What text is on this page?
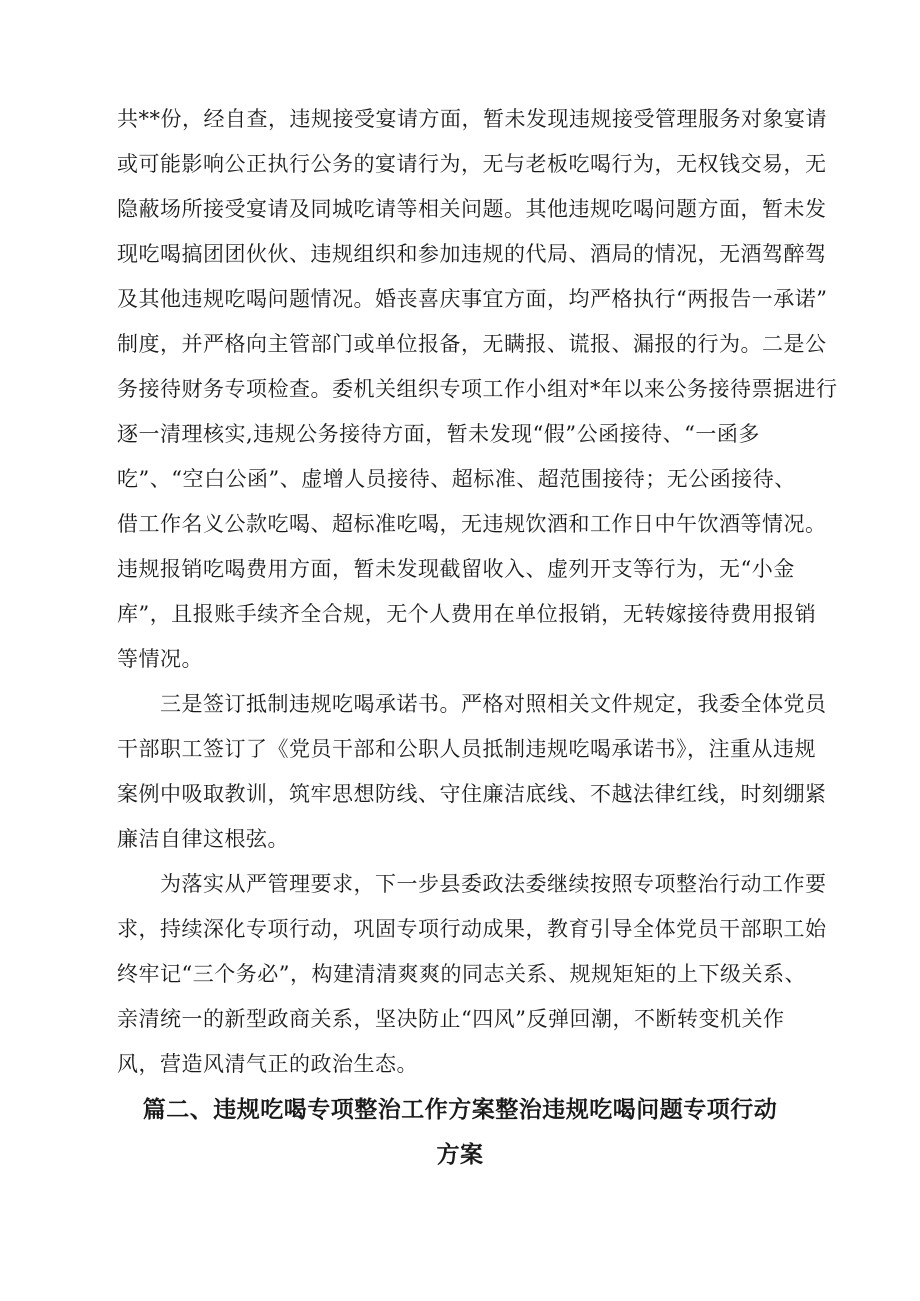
共**份，经自查，违规接受宴请方面，暂未发现违规接受管理服务对象宴请
或可能影响公正执行公务的宴请行为，无与老板吃喝行为，无权钱交易，无
隐蔽场所接受宴请及同城吃请等相关问题。其他违规吃喝问题方面，暂未发
现吃喝搞团团伙伙、违规组织和参加违规的代局、酒局的情况，无酒驾醉驾
及其他违规吃喝问题情况。婚丧喜庆事宜方面，均严格执行“两报告一承诺”
制度，并严格向主管部门或单位报备，无瞒报、谎报、漏报的行为。二是公
务接待财务专项检查。委机关组织专项工作小组对*年以来公务接待票据进行
逐一清理核实,违规公务接待方面，暂未发现“假”公函接待、“一函多
吃”、“空白公函”、虚增人员接待、超标准、超范围接待；无公函接待、
借工作名义公款吃喝、超标准吃喝，无违规饮酒和工作日中午饮酒等情况。
违规报销吃喝费用方面，暂未发现截留收入、虚列开支等行为，无“小金
库”，且报账手续齐全合规，无个人费用在单位报销，无转嫁接待费用报销
等情况。
　　三是签订抵制违规吃喝承诺书。严格对照相关文件规定，我委全体党员
干部职工签订了《党员干部和公职人员抵制违规吃喝承诺书》，注重从违规
案例中吸取教训，筑牢思想防线、守住廉洁底线、不越法律红线，时刻绷紧
廉洁自律这根弦。
　　为落实从严管理要求，下一步县委政法委继续按照专项整治行动工作要
求，持续深化专项行动，巩固专项行动成果，教育引导全体党员干部职工始
终牢记“三个务必”，构建清清爽爽的同志关系、规规矩矩的上下级关系、
亲清统一的新型政商关系，坚决防止“四风”反弹回潮，不断转变机关作
风，营造风清气正的政治生态。
篇二、违规吃喝专项整治工作方案整治违规吃喝问题专项行动
方案
